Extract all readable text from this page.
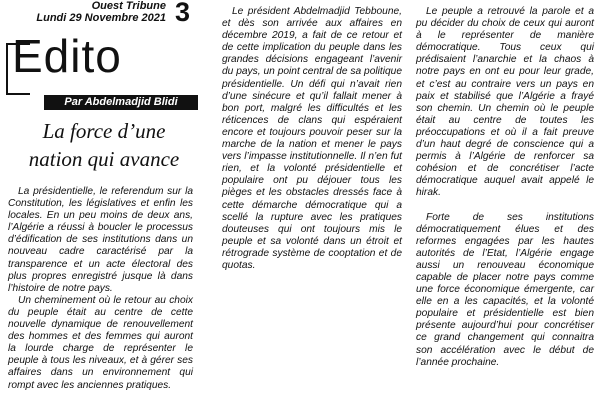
Ouest Tribune
Lundi 29 Novembre 2021 3
Edito
Par Abdelmadjid Blidi
La force d’une
nation qui avance

La présidentielle, le referendum sur la Constitution, les législatives et enfin les locales. En un peu moins de deux ans, l’Algérie a réussi à boucler le processus d’édification de ses institutions dans un nouveau cadre caractérisé par la transparence et un acte électoral des plus propres enregistré jusque là dans l’histoire de notre pays.

Un cheminement où le retour au choix du peuple était au centre de cette nouvelle dynamique de renouvellement des hommes et des femmes qui auront la lourde charge de représenter le peuple à tous les niveaux, et à gérer ses affaires dans un environnement qui rompt avec les anciennes pratiques.

Le président Abdelmadjid Tebboune, et dès son arrivée aux affaires en décembre 2019, a fait de ce retour et de cette implication du peuple dans les grandes décisions engageant l’avenir du pays, un point central de sa politique présidentielle. Un défi qui n’avait rien d’une sinécure et qu’il fallait mener à bon port, malgré les difficultés et les réticences de clans qui espéraient encore et toujours pouvoir peser sur la marche de la nation et mener le pays vers l’impasse institutionnelle. Il n’en fut rien, et la volonté présidentielle et populaire ont pu déjouer tous les pièges et les obstacles dressés face à cette démarche démocratique qui a scellé la rupture avec les pratiques douteuses qui ont toujours mis le peuple et sa volonté dans un étroit et rétrograde système de cooptation et de quotas.

Le peuple a retrouvé la parole et a pu décider du choix de ceux qui auront à le représenter de manière démocratique. Tous ceux qui prédisaient l’anarchie et la chaos à notre pays en ont eu pour leur grade, et c’est au contraire vers un pays en paix et stabilisé que l’Algérie a frayé son chemin. Un chemin où le peuple était au centre de toutes les préoccupations et où il a fait preuve d’un haut degré de conscience qui a permis à l’Algérie de renforcer sa cohésion et de concrétiser l’acte démocratique auquel avait appelé le hirak.

Forte de ses institutions démocratiquement élues et des reformes engagées par les hautes autorités de l’Etat, l’Algérie engage aussi un renouveau économique capable de placer notre pays comme une force économique émergente, car elle en a les capacités, et la volonté populaire et présidentielle est bien présente aujourd’hui pour concrétiser ce grand changement qui connaitra son accélération avec le début de l’année prochaine.
